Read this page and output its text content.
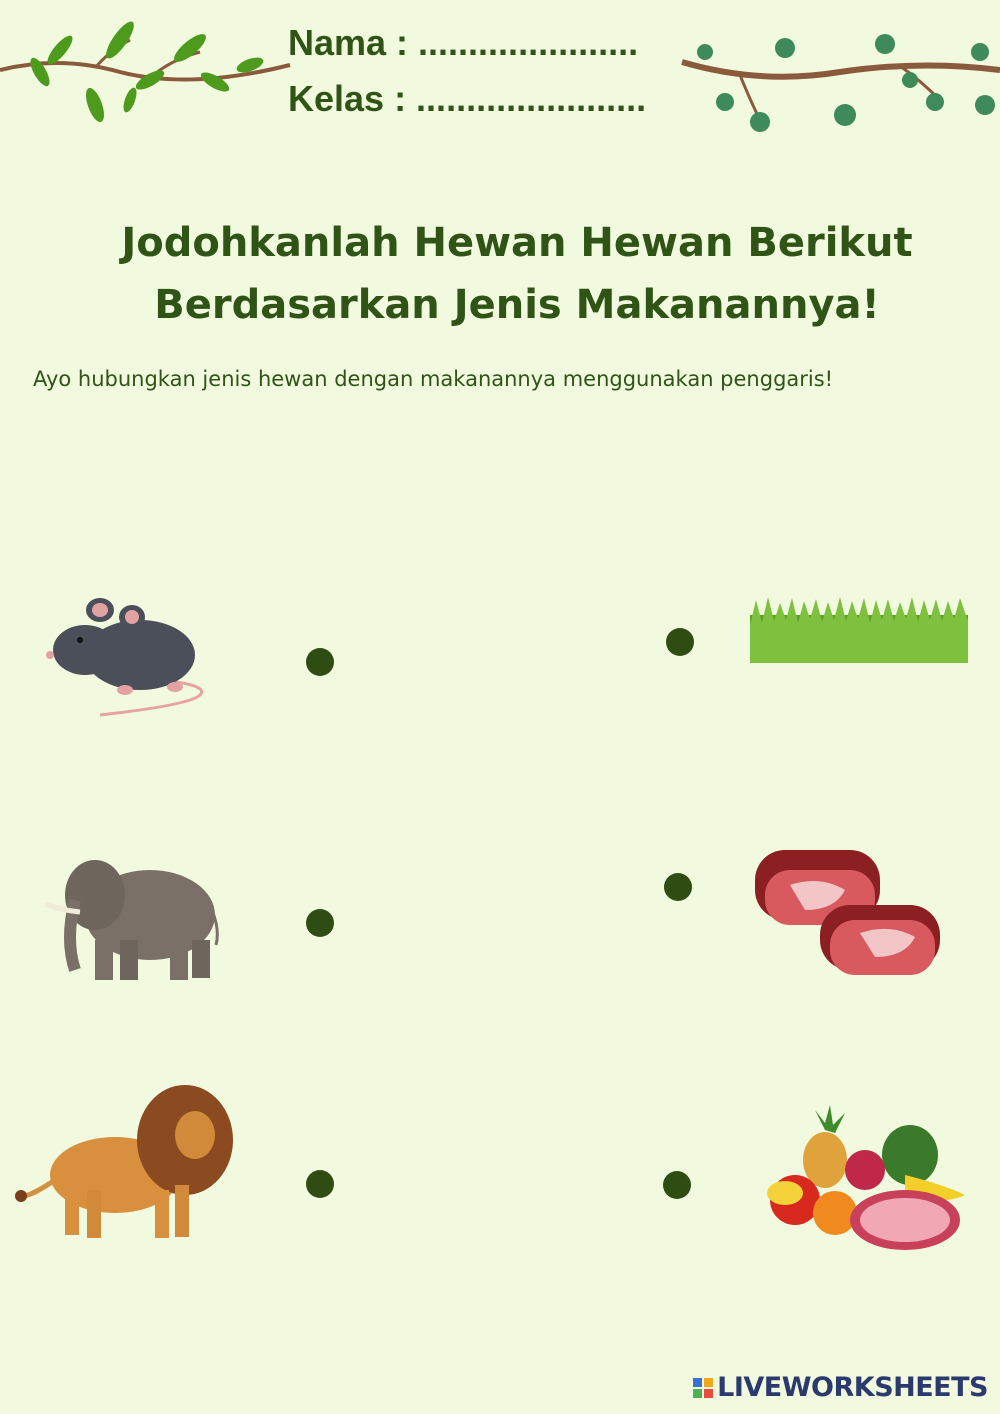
Nama : ......................
Kelas : .......................
Jodohkanlah Hewan Hewan Berikut
Berdasarkan Jenis Makanannya!
Ayo hubungkan jenis hewan dengan makanannya menggunakan penggaris!
LIVEWORKSHEETS
